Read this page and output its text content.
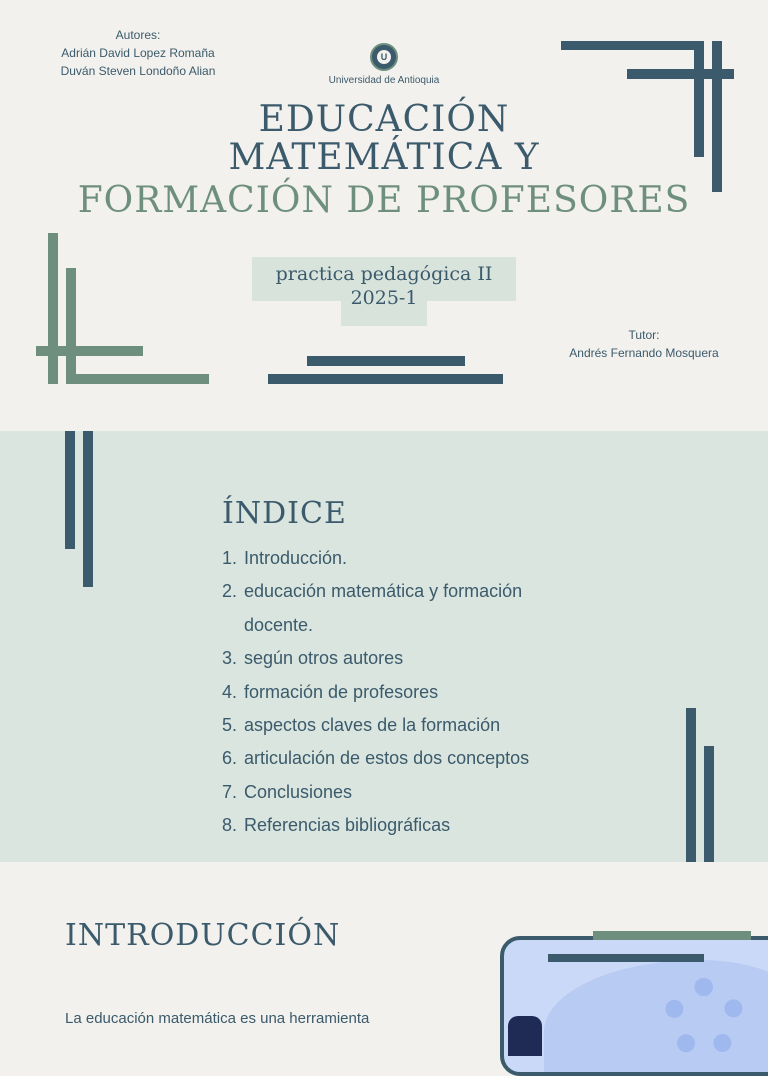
Autores:
Adrián David Lopez Romaña
Duván Steven Londoño Alian
U
Universidad de Antioquia
EDUCACIÓN
MATEMÁTICA Y
FORMACIÓN DE PROFESORES
practica pedagógica II
2025-1
Tutor:
Andrés Fernando Mosquera
ÍNDICE
1. Introducción.
2. educación matemática y formación docente.
3. según otros autores
4. formación de profesores
5. aspectos claves de la formación
6. articulación de estos dos conceptos
7. Conclusiones
8. Referencias bibliográficas
INTRODUCCIÓN
La educación matemática es una herramienta
